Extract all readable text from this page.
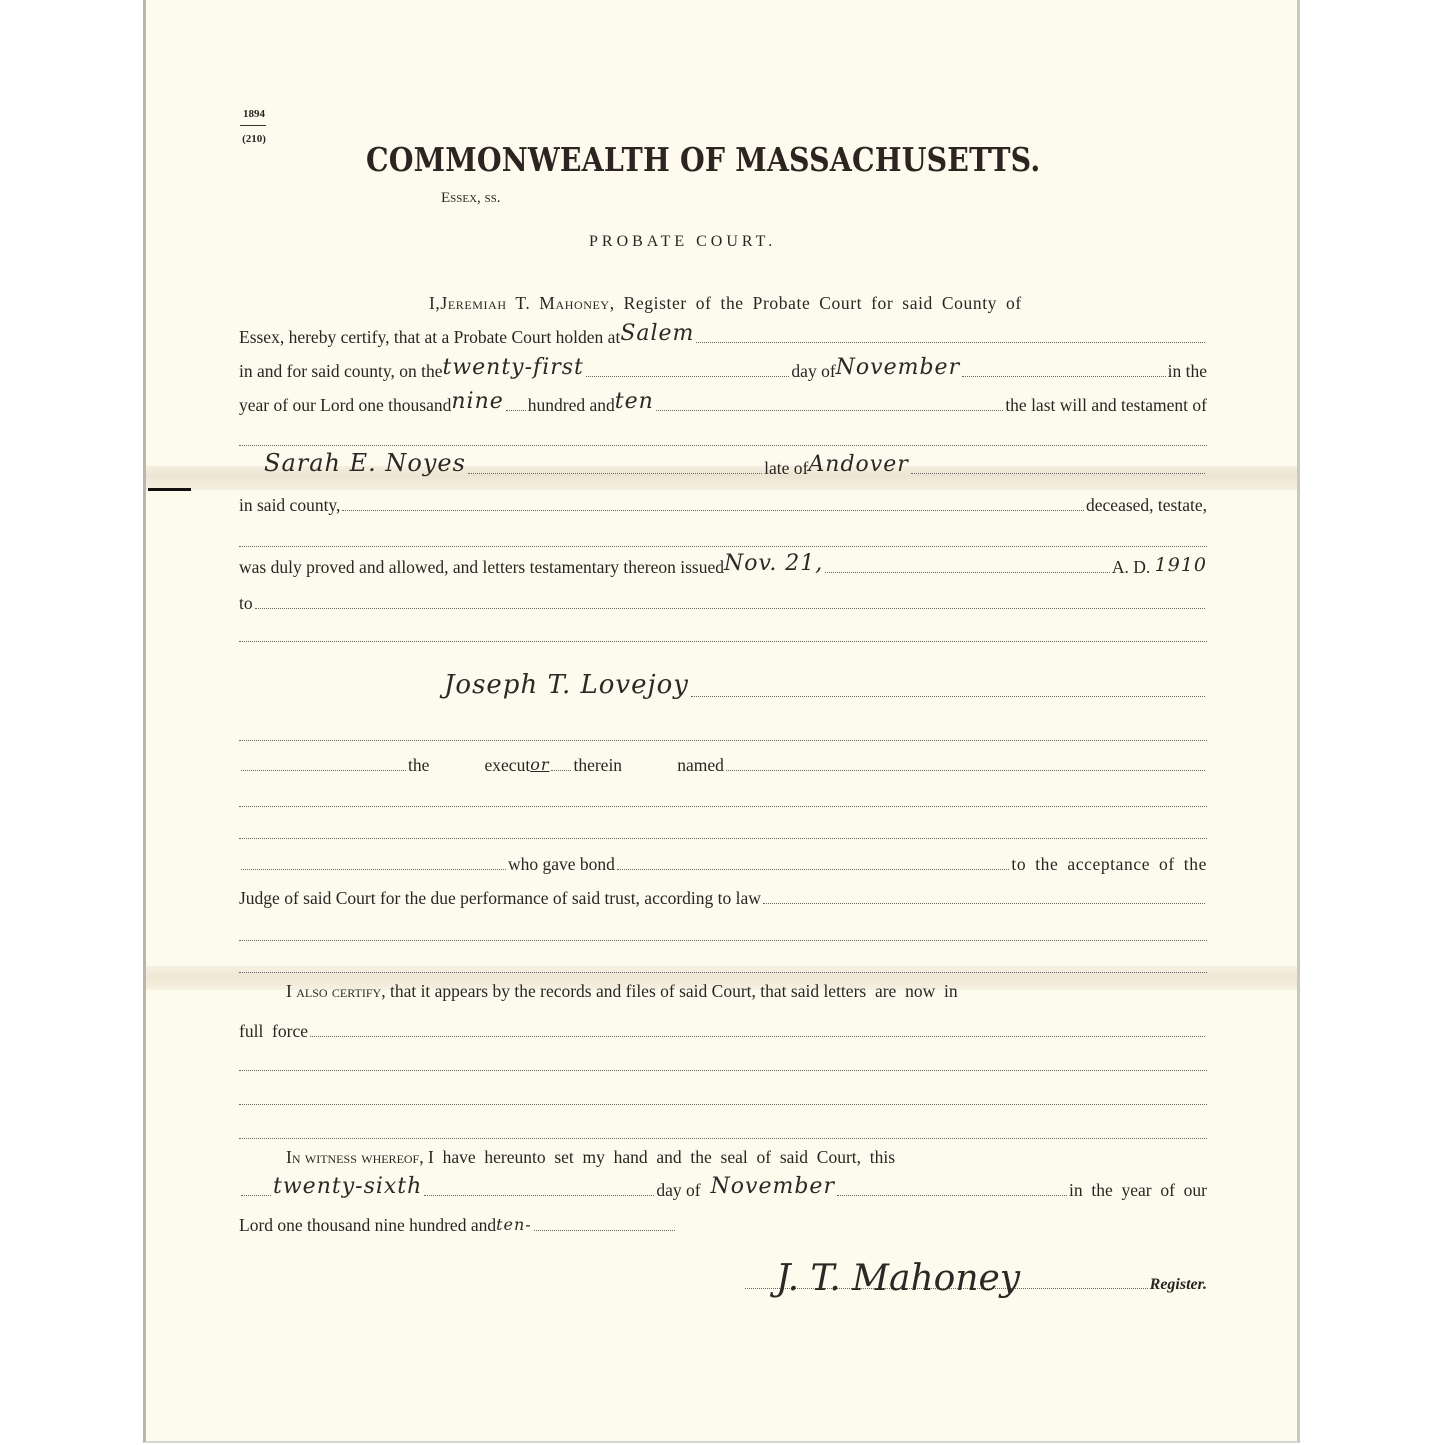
1894
(210)
COMMONWEALTH OF MASSACHUSETTS.
Essex, ss.
PROBATE COURT.
I, Jeremiah T. Mahoney , Register of the Probate Court for said County of
Essex, hereby certify, that at a Probate Court holden at Salem
in and for said county, on the twenty-first	day of November	in the
year of our Lord one thousand nine hundred and ten	the last will and testament of
Sarah E. Noyes	late of Andover
in said county,	deceased, testate,
was duly proved and allowed, and letters testamentary thereon issued Nov. 21,	A. D.
1910
to
Joseph T. Lovejoy
the
	execut or therein
	named
who gave bond	to the acceptance of the
Judge of said Court for the due performance of said trust, according to law
I also certify , that it appears by the records and files of said Court, that said letters  are  now  in
full  force
In witness whereof , I  have  hereunto  set  my  hand  and  the  seal  of  said  Court,  this
twenty-sixth	day of November	in  the  year  of  our
Lord one thousand nine hundred and ten-
Register.
J. T. Mahoney
